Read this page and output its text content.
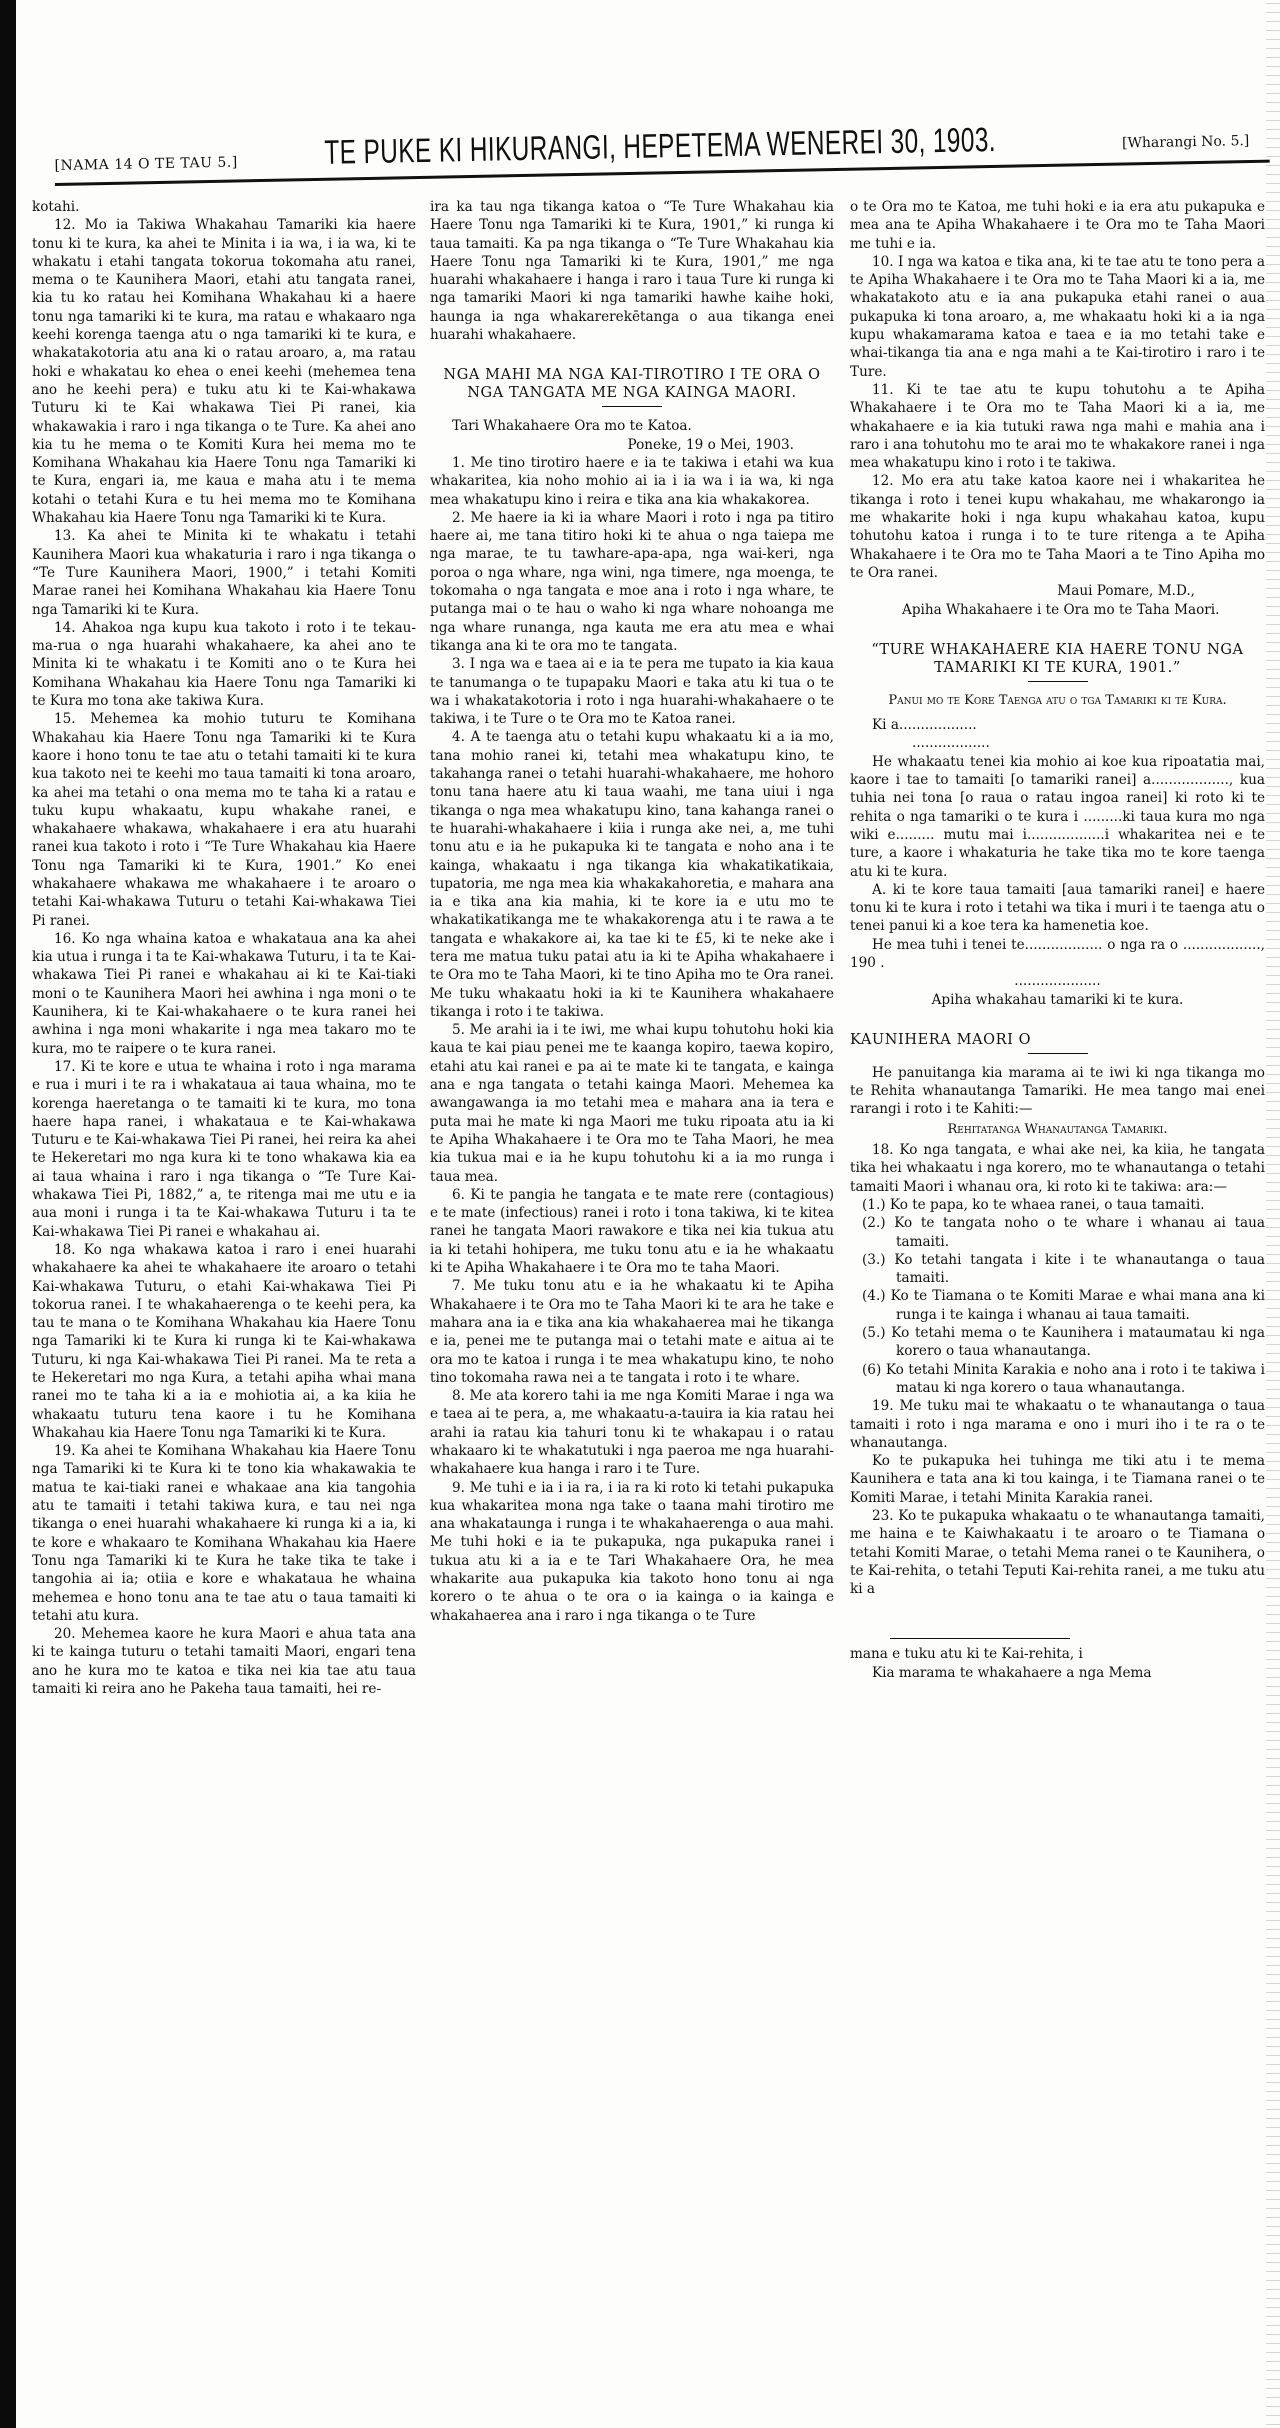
[NAMA 14 O TE TAU 5.]	TE PUKE KI HIKURANGI, HEPETEMA WENEREI 30, 1903.	[Wharangi No. 5.]

kotahi.

12. Mo ia Takiwa Whakahau Tamariki kia haere tonu ki te kura, ka ahei te Minita i ia wa, i ia wa, ki te whakatu i etahi tangata tokorua tokomaha atu ranei, mema o te Kaunihera Maori, etahi atu tangata ranei, kia tu ko ratau hei Komihana Whakahau ki a haere tonu nga tamariki ki te kura, ma ratau e whakaaro nga keehi korenga taenga atu o nga tamariki ki te kura, e whakatakotoria atu ana ki o ratau aroaro, a, ma ratau hoki e whakatau ko ehea o enei keehi (mehemea tena ano he keehi pera) e tuku atu ki te Kai-whakawa Tuturu ki te Kai whakawa Tiei Pi ranei, kia whakawakia i raro i nga tikanga o te Ture. Ka ahei ano kia tu he mema o te Komiti Kura hei mema mo te Komihana Whakahau kia Haere Tonu nga Tamariki ki te Kura, engari ia, me kaua e maha atu i te mema kotahi o tetahi Kura e tu hei mema mo te Komihana Whakahau kia Haere Tonu nga Tamariki ki te Kura.

13. Ka ahei te Minita ki te whakatu i tetahi Kaunihera Maori kua whakaturia i raro i nga tikanga o “Te Ture Kaunihera Maori, 1900,” i tetahi Komiti Marae ranei hei Komihana Whakahau kia Haere Tonu nga Tamariki ki te Kura.

14. Ahakoa nga kupu kua takoto i roto i te tekau-ma-rua o nga huarahi whakahaere, ka ahei ano te Minita ki te whakatu i te Komiti ano o te Kura hei Komihana Whakahau kia Haere Tonu nga Tamariki ki te Kura mo tona ake takiwa Kura.

15. Mehemea ka mohio tuturu te Komihana Whakahau kia Haere Tonu nga Tamariki ki te Kura kaore i hono tonu te tae atu o tetahi tamaiti ki te kura kua takoto nei te keehi mo taua tamaiti ki tona aroaro, ka ahei ma tetahi o ona mema mo te taha ki a ratau e tuku kupu whakaatu, kupu whakahe ranei, e whakahaere whakawa, whakahaere i era atu huarahi ranei kua takoto i roto i “Te Ture Whakahau kia Haere Tonu nga Tamariki ki te Kura, 1901.” Ko enei whakahaere whakawa me whakahaere i te aroaro o tetahi Kai-whakawa Tuturu o tetahi Kai-whakawa Tiei Pi ranei.

16. Ko nga whaina katoa e whakataua ana ka ahei kia utua i runga i ta te Kai-whakawa Tuturu, i ta te Kai-whakawa Tiei Pi ranei e whakahau ai ki te Kai-tiaki moni o te Kaunihera Maori hei awhina i nga moni o te Kaunihera, ki te Kai-whakahaere o te kura ranei hei awhina i nga moni whakarite i nga mea takaro mo te kura, mo te raipere o te kura ranei.

17. Ki te kore e utua te whaina i roto i nga marama e rua i muri i te ra i whakataua ai taua whaina, mo te korenga haeretanga o te tamaiti ki te kura, mo tona haere hapa ranei, i whakataua e te Kai-whakawa Tuturu e te Kai-whakawa Tiei Pi ranei, hei reira ka ahei te Hekeretari mo nga kura ki te tono whakawa kia ea ai taua whaina i raro i nga tikanga o “Te Ture Kai-whakawa Tiei Pi, 1882,” a, te ritenga mai me utu e ia aua moni i runga i ta te Kai-whakawa Tuturu i ta te Kai-whakawa Tiei Pi ranei e whakahau ai.

18. Ko nga whakawa katoa i raro i enei huarahi whakahaere ka ahei te whakahaere ite aroaro o tetahi Kai-whakawa Tuturu, o etahi Kai-whakawa Tiei Pi tokorua ranei. I te whakahaerenga o te keehi pera, ka tau te mana o te Komihana Whakahau kia Haere Tonu nga Tamariki ki te Kura ki runga ki te Kai-whakawa Tuturu, ki nga Kai-whakawa Tiei Pi ranei. Ma te reta a te Hekeretari mo nga Kura, a tetahi apiha whai mana ranei mo te taha ki a ia e mohiotia ai, a ka kiia he whakaatu tuturu tena kaore i tu he Komihana Whakahau kia Haere Tonu nga Tamariki ki te Kura.

19. Ka ahei te Komihana Whakahau kia Haere Tonu nga Tamariki ki te Kura ki te tono kia whakawakia te matua te kai-tiaki ranei e whakaae ana kia tangohia atu te tamaiti i tetahi takiwa kura, e tau nei nga tikanga o enei huarahi whakahaere ki runga ki a ia, ki te kore e whakaaro te Komihana Whakahau kia Haere Tonu nga Tamariki ki te Kura he take tika te take i tangohia ai ia; otiia e kore e whakataua he whaina mehemea e hono tonu ana te tae atu o taua tamaiti ki tetahi atu kura.

20. Mehemea kaore he kura Maori e ahua tata ana ki te kainga tuturu o tetahi tamaiti Maori, engari tena ano he kura mo te katoa e tika nei kia tae atu taua tamaiti ki reira ano he Pakeha taua tamaiti, hei re-

ira ka tau nga tikanga katoa o “Te Ture Whakahau kia Haere Tonu nga Tamariki ki te Kura, 1901,” ki runga ki taua tamaiti. Ka pa nga tikanga o “Te Ture Whakahau kia Haere Tonu nga Tamariki ki te Kura, 1901,” me nga huarahi whakahaere i hanga i raro i taua Ture ki runga ki nga tamariki Maori ki nga tamariki hawhe kaihe hoki, haunga ia nga whakarerekētanga o aua tikanga enei huarahi whakahaere.

NGA MAHI MA NGA KAI-TIROTIRO I TE ORA O NGA TANGATA ME NGA KAINGA MAORI.

Tari Whakahaere Ora mo te Katoa.

Poneke, 19 o Mei, 1903.

1. Me tino tirotiro haere e ia te takiwa i etahi wa kua whakaritea, kia noho mohio ai ia i ia wa i ia wa, ki nga mea whakatupu kino i reira e tika ana kia whakakorea.

2. Me haere ia ki ia whare Maori i roto i nga pa titiro haere ai, me tana titiro hoki ki te ahua o nga taiepa me nga marae, te tu tawhare-apa-apa, nga wai-keri, nga poroa o nga whare, nga wini, nga timere, nga moenga, te tokomaha o nga tangata e moe ana i roto i nga whare, te putanga mai o te hau o waho ki nga whare nohoanga me nga whare runanga, nga kauta me era atu mea e whai tikanga ana ki te ora mo te tangata.

3. I nga wa e taea ai e ia te pera me tupato ia kia kaua te tanumanga o te tupapaku Maori e taka atu ki tua o te wa i whakatakotoria i roto i nga huarahi-whakahaere o te takiwa, i te Ture o te Ora mo te Katoa ranei.

4. A te taenga atu o tetahi kupu whakaatu ki a ia mo, tana mohio ranei ki, tetahi mea whakatupu kino, te takahanga ranei o tetahi huarahi-whakahaere, me hohoro tonu tana haere atu ki taua waahi, me tana uiui i nga tikanga o nga mea whakatupu kino, tana kahanga ranei o te huarahi-whakahaere i kiia i runga ake nei, a, me tuhi tonu atu e ia he pukapuka ki te tangata e noho ana i te kainga, whakaatu i nga tikanga kia whakatikatikaia, tupatoria, me nga mea kia whakakahoretia, e mahara ana ia e tika ana kia mahia, ki te kore ia e utu mo te whakatikatikanga me te whakakorenga atu i te rawa a te tangata e whakakore ai, ka tae ki te £5, ki te neke ake i tera me matua tuku patai atu ia ki te Apiha whakahaere i te Ora mo te Taha Maori, ki te tino Apiha mo te Ora ranei. Me tuku whakaatu hoki ia ki te Kaunihera whakahaere tikanga i roto i te takiwa.

5. Me arahi ia i te iwi, me whai kupu tohutohu hoki kia kaua te kai piau penei me te kaanga kopiro, taewa kopiro, etahi atu kai ranei e pa ai te mate ki te tangata, e kainga ana e nga tangata o tetahi kainga Maori. Mehemea ka awangawanga ia mo tetahi mea e mahara ana ia tera e puta mai he mate ki nga Maori me tuku ripoata atu ia ki te Apiha Whakahaere i te Ora mo te Taha Maori, he mea kia tukua mai e ia he kupu tohutohu ki a ia mo runga i taua mea.

6. Ki te pangia he tangata e te mate rere (contagious) e te mate (infectious) ranei i roto i tona takiwa, ki te kitea ranei he tangata Maori rawakore e tika nei kia tukua atu ia ki tetahi hohipera, me tuku tonu atu e ia he whakaatu ki te Apiha Whakahaere i te Ora mo te taha Maori.

7. Me tuku tonu atu e ia he whakaatu ki te Apiha Whakahaere i te Ora mo te Taha Maori ki te ara he take e mahara ana ia e tika ana kia whakahaerea mai he tikanga e ia, penei me te putanga mai o tetahi mate e aitua ai te ora mo te katoa i runga i te mea whakatupu kino, te noho tino tokomaha rawa nei a te tangata i roto i te whare.

8. Me ata korero tahi ia me nga Komiti Marae i nga wa e taea ai te pera, a, me whakaatu-a-tauira ia kia ratau hei arahi ia ratau kia tahuri tonu ki te whakapau i o ratau whakaaro ki te whakatutuki i nga paeroa me nga huarahi-whakahaere kua hanga i raro i te Ture.

9. Me tuhi e ia i ia ra, i ia ra ki roto ki tetahi pukapuka kua whakaritea mona nga take o taana mahi tirotiro me ana whakataunga i runga i te whakahaerenga o aua mahi. Me tuhi hoki e ia te pukapuka, nga pukapuka ranei i tukua atu ki a ia e te Tari Whakahaere Ora, he mea whakarite aua pukapuka kia takoto hono tonu ai nga korero o te ahua o te ora o ia kainga o ia kainga e whakahaerea ana i raro i nga tikanga o te Ture

o te Ora mo te Katoa, me tuhi hoki e ia era atu pukapuka e mea ana te Apiha Whakahaere i te Ora mo te Taha Maori me tuhi e ia.

10. I nga wa katoa e tika ana, ki te tae atu te tono pera a te Apiha Whakahaere i te Ora mo te Taha Maori ki a ia, me whakatakoto atu e ia ana pukapuka etahi ranei o aua pukapuka ki tona aroaro, a, me whakaatu hoki ki a ia nga kupu whakamarama katoa e taea e ia mo tetahi take e whai-tikanga tia ana e nga mahi a te Kai-tirotiro i raro i te Ture.

11. Ki te tae atu te kupu tohutohu a te Apiha Whakahaere i te Ora mo te Taha Maori ki a ia, me whakahaere e ia kia tutuki rawa nga mahi e mahia ana i raro i ana tohutohu mo te arai mo te whakakore ranei i nga mea whakatupu kino i roto i te takiwa.

12. Mo era atu take katoa kaore nei i whakaritea he tikanga i roto i tenei kupu whakahau, me whakarongo ia me whakarite hoki i nga kupu whakahau katoa, kupu tohutohu katoa i runga i to te ture ritenga a te Apiha Whakahaere i te Ora mo te Taha Maori a te Tino Apiha mo te Ora ranei.

Maui Pomare, M.D.,

Apiha Whakahaere i te Ora mo te Taha Maori.

“TURE WHAKAHAERE KIA HAERE TONU NGA TAMARIKI KI TE KURA, 1901.”
Panui mo te Kore Taenga atu o tga Tamariki ki te Kura.

Ki a..................

..................

He whakaatu tenei kia mohio ai koe kua ripoatatia mai, kaore i tae to tamaiti [o tamariki ranei] a.................., kua tuhia nei tona [o raua o ratau ingoa ranei] ki roto ki te rehita o nga tamariki o te kura i .........ki taua kura mo nga wiki e......... mutu mai i..................i whakaritea nei e te ture, a kaore i whakaturia he take tika mo te kore taenga atu ki te kura.

A. ki te kore taua tamaiti [aua tamariki ranei] e haere tonu ki te kura i roto i tetahi wa tika i muri i te taenga atu o tenei panui ki a koe tera ka hamenetia koe.

He mea tuhi i tenei te.................. o nga ra o .................., 190 .

....................

Apiha whakahau tamariki ki te kura.

KAUNIHERA MAORI O

He panuitanga kia marama ai te iwi ki nga tikanga mo te Rehita whanautanga Tamariki. He mea tango mai enei rarangi i roto i te Kahiti:—

Rehitatanga Whanautanga Tamariki.

18. Ko nga tangata, e whai ake nei, ka kiia, he tangata tika hei whakaatu i nga korero, mo te whanautanga o tetahi tamaiti Maori i whanau ora, ki roto ki te takiwa: ara:—

(1.) Ko te papa, ko te whaea ranei, o taua tamaiti.

(2.) Ko te tangata noho o te whare i whanau ai taua tamaiti.

(3.) Ko tetahi tangata i kite i te whanautanga o taua tamaiti.

(4.) Ko te Tiamana o te Komiti Marae e whai mana ana ki runga i te kainga i whanau ai taua tamaiti.

(5.) Ko tetahi mema o te Kaunihera i mataumatau ki nga korero o taua whanautanga.

(6) Ko tetahi Minita Karakia e noho ana i roto i te takiwa i matau ki nga korero o taua whanautanga.

19. Me tuku mai te whakaatu o te whanautanga o taua tamaiti i roto i nga marama e ono i muri iho i te ra o te whanautanga.

Ko te pukapuka hei tuhinga me tiki atu i te mema Kaunihera e tata ana ki tou kainga, i te Tiamana ranei o te Komiti Marae, i tetahi Minita Karakia ranei.

23. Ko te pukapuka whakaatu o te whanautanga tamaiti, me haina e te Kaiwhakaatu i te aroaro o te Tiamana o tetahi Komiti Marae, o tetahi Mema ranei o te Kaunihera, o te Kai-rehita, o tetahi Teputi Kai-rehita ranei, a me tuku atu ki a

mana e tuku atu ki te Kai-rehita, i

Kia marama te whakahaere a nga Mema
